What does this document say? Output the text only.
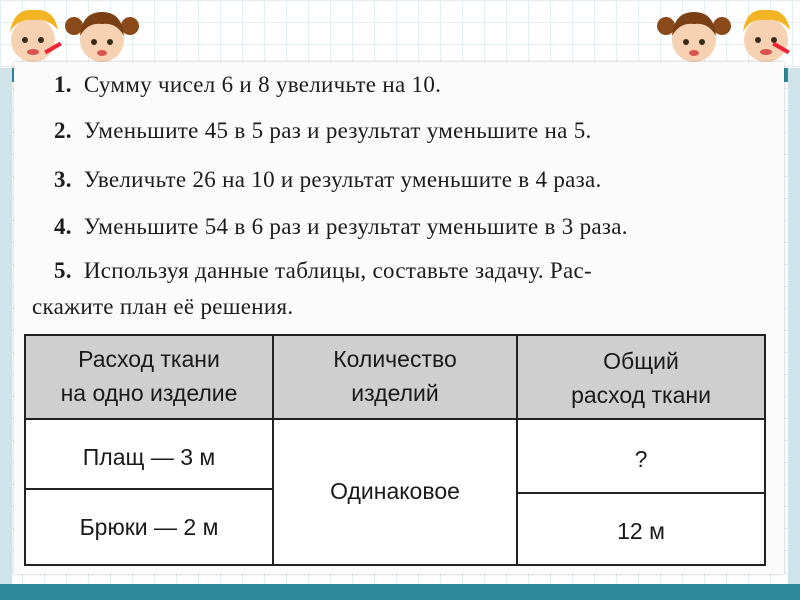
1. Сумму чисел 6 и 8 увеличьте на 10.
2. Уменьшите 45 в 5 раз и результат уменьшите на 5.
3. Увеличьте 26 на 10 и результат уменьшите в 4 раза.
4. Уменьшите 54 в 6 раз и результат уменьшите в 3 раза.
5. Используя данные таблицы, составьте задачу. Рас-
скажите план её решения.
Расход ткани
на одно изделие
Количество
изделий
Общий
расход ткани
Плащ — 3 м
Брюки — 2 м
Одинаковое
?
12 м
